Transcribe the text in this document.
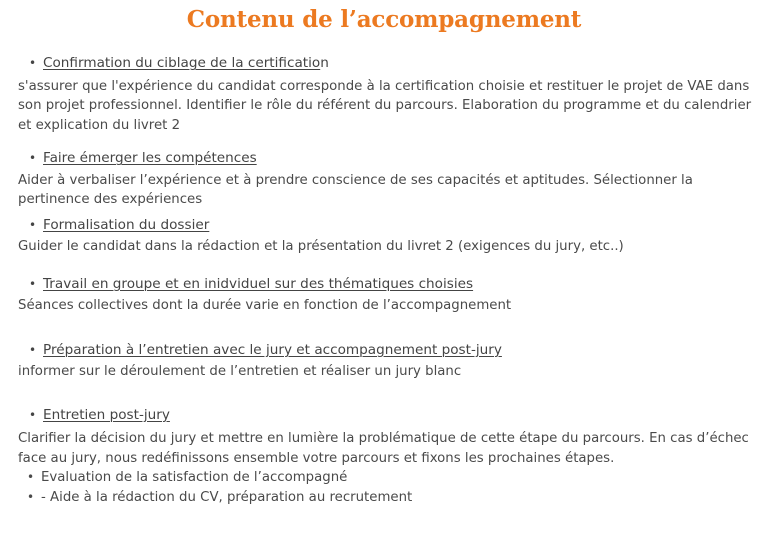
Contenu de l’accompagnement
• Confirmation du ciblage de la certification
s'assurer que l'expérience du candidat corresponde à la certification choisie et restituer le projet de VAE dans son projet professionnel. Identifier le rôle du référent du parcours. Elaboration du programme et du calendrier et explication du livret 2
• Faire émerger les compétences
Aider à verbaliser l’expérience et à prendre conscience de ses capacités et aptitudes. Sélectionner la pertinence des expériences
• Formalisation du dossier
Guider le candidat dans la rédaction et la présentation du livret 2 (exigences du jury, etc..)
• Travail en groupe et en inidviduel sur des thématiques choisies
Séances collectives dont la durée varie en fonction de l’accompagnement
• Préparation à l’entretien avec le jury et accompagnement post-jury
informer sur le déroulement de l’entretien et réaliser un jury blanc
• Entretien post-jury
Clarifier la décision du jury et mettre en lumière la problématique de cette étape du parcours. En cas d’échec face au jury, nous redéfinissons ensemble votre parcours et fixons les prochaines étapes.
• Evaluation de la satisfaction de l’accompagné
• - Aide à la rédaction du CV, préparation au recrutement
